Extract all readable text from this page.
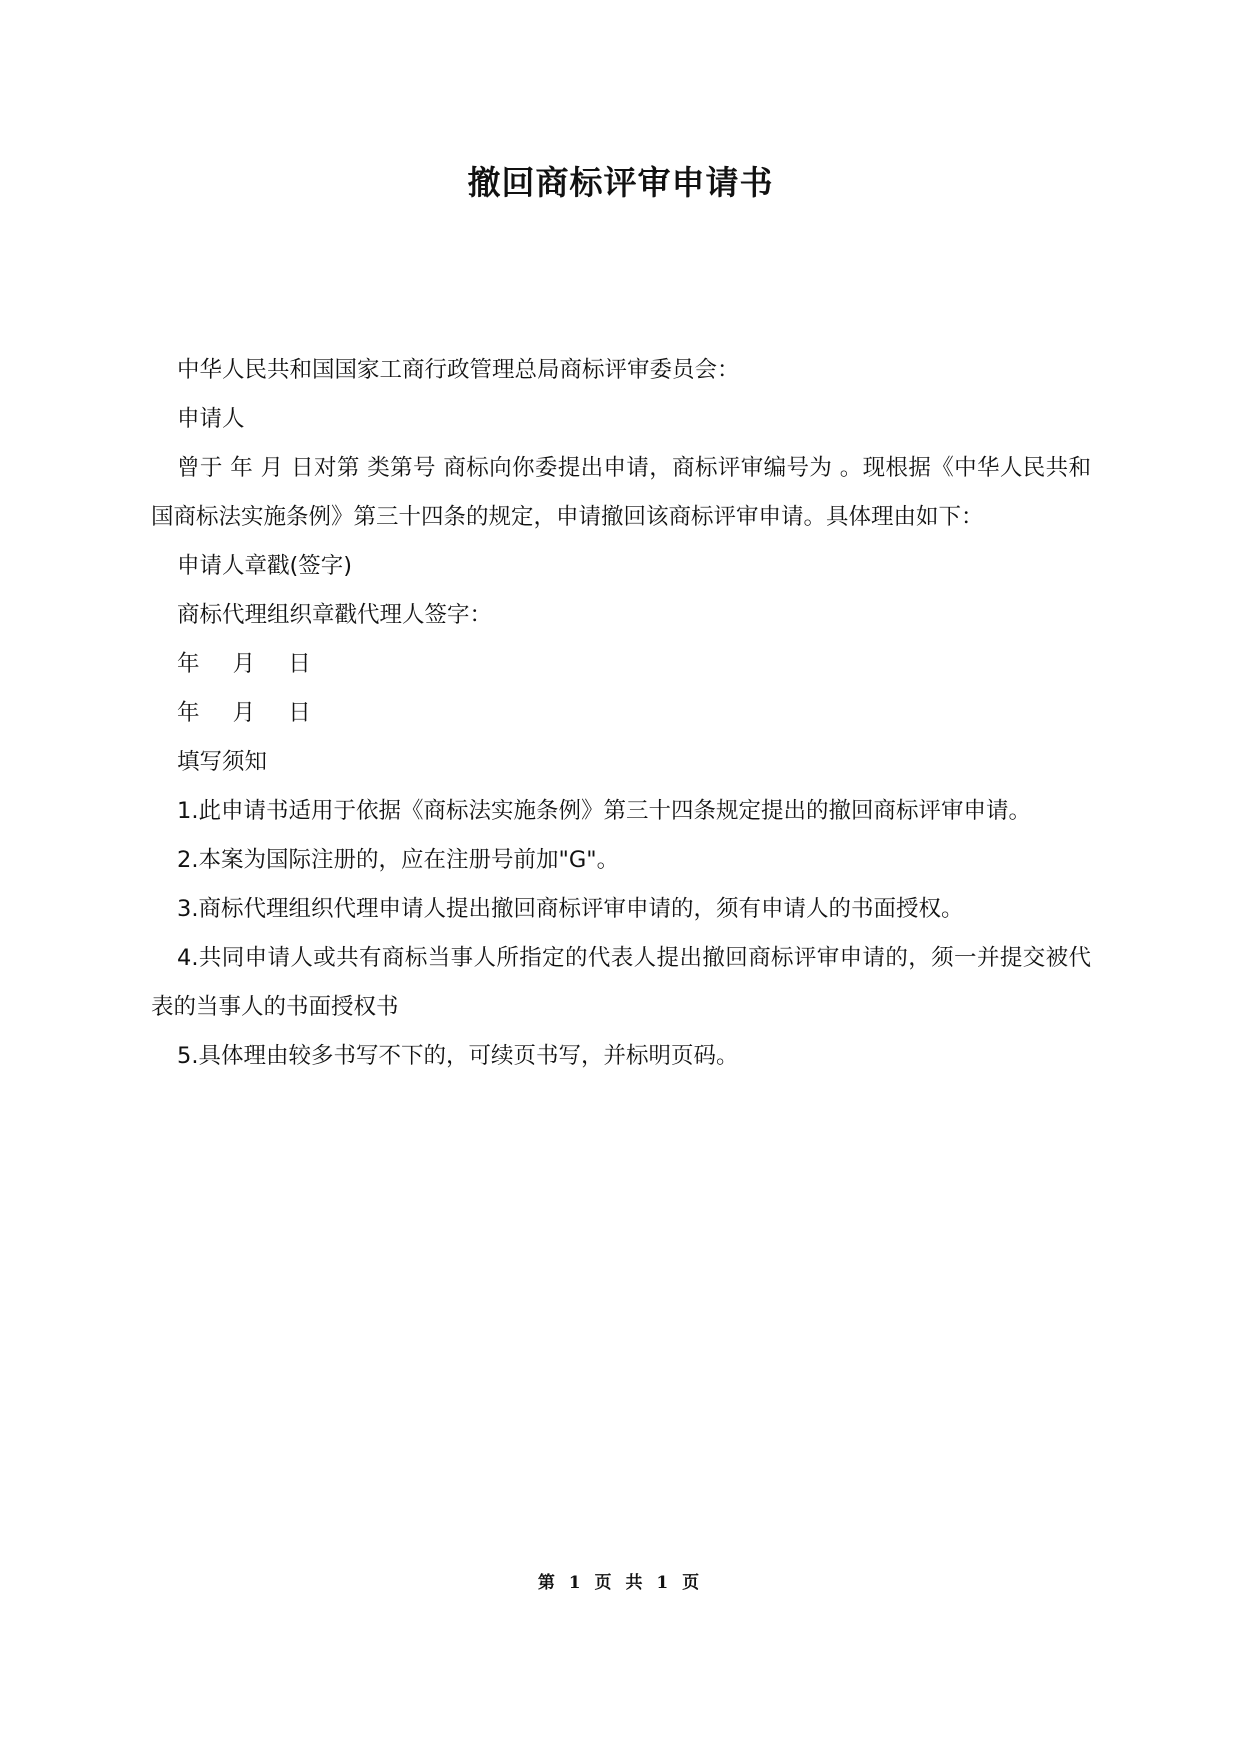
撤回商标评审申请书

中华人民共和国国家工商行政管理总局商标评审委员会：

申请人

曾于 年 月 日对第 类第号 商标向你委提出申请，商标评审编号为 。现根据《中华人民共和国商标法实施条例》第三十四条的规定，申请撤回该商标评审申请。具体理由如下：

申请人章戳(签字)

商标代理组织章戳代理人签字：

年 月 日

年 月 日

填写须知

1.此申请书适用于依据《商标法实施条例》第三十四条规定提出的撤回商标评审申请。

2.本案为国际注册的，应在注册号前加"G"。

3.商标代理组织代理申请人提出撤回商标评审申请的，须有申请人的书面授权。

4.共同申请人或共有商标当事人所指定的代表人提出撤回商标评审申请的，须一并提交被代表的当事人的书面授权书

5.具体理由较多书写不下的，可续页书写，并标明页码。

第 1 页 共 1 页
